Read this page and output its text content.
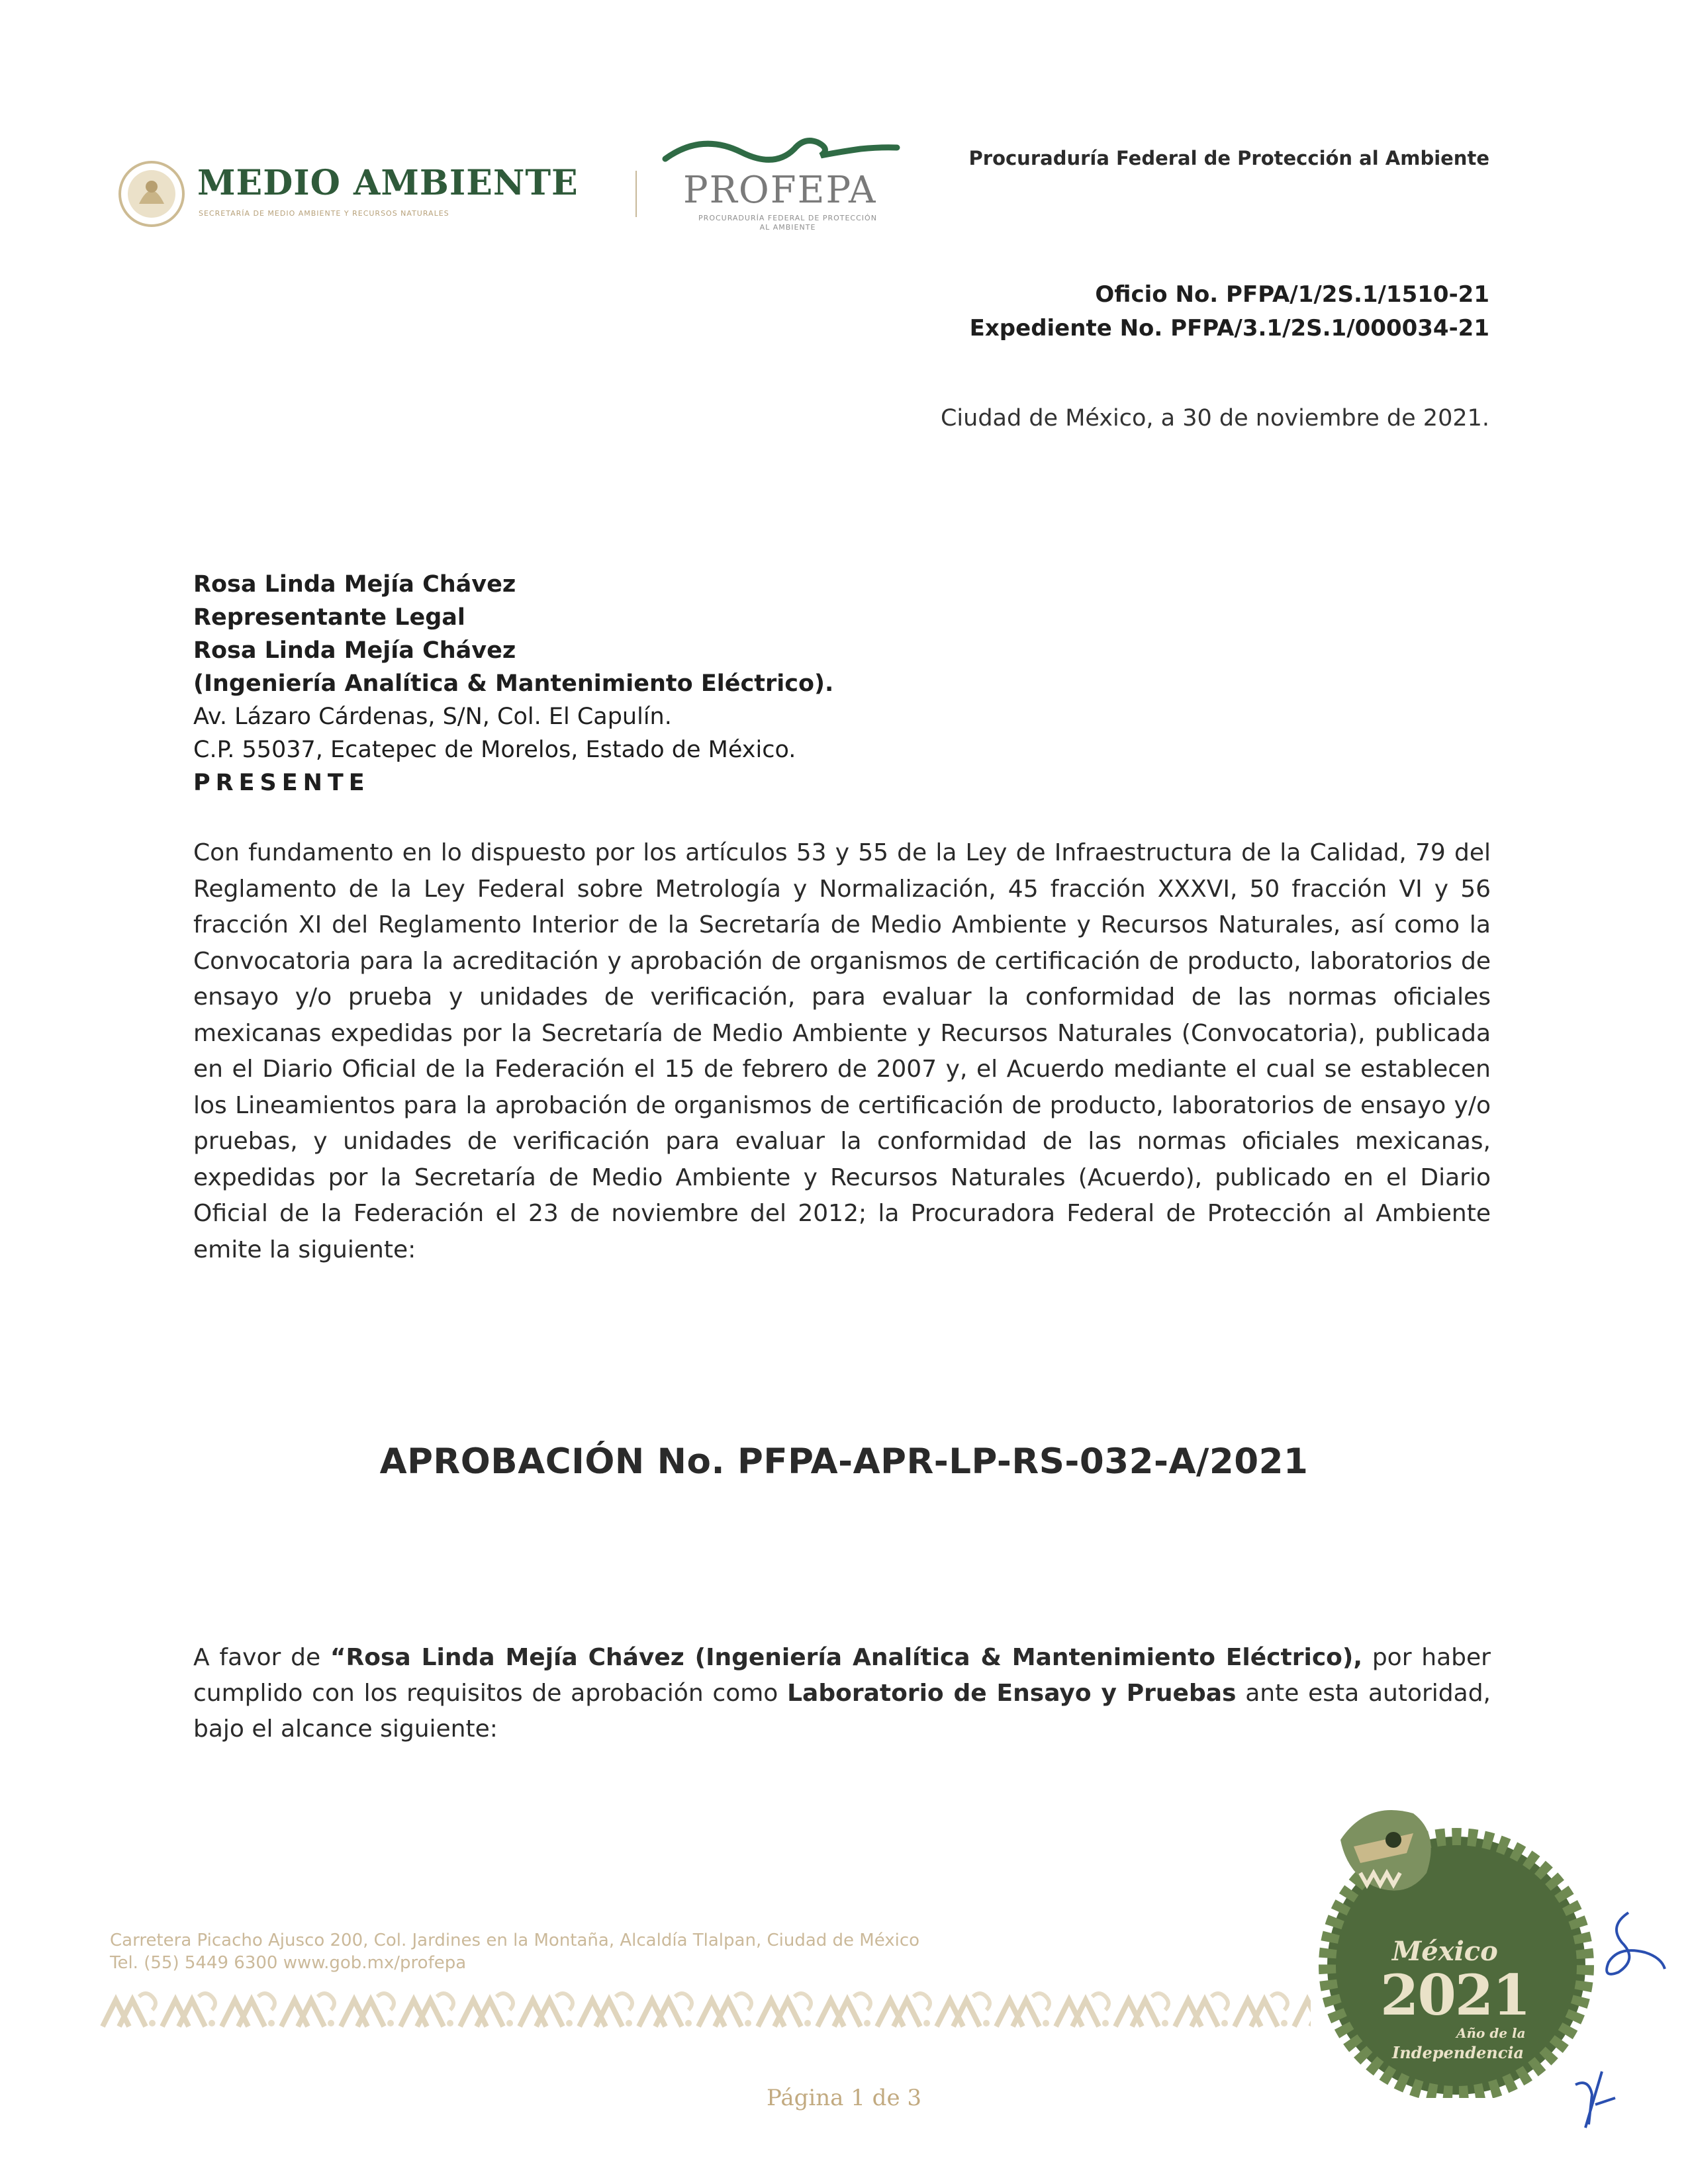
MEDIO AMBIENTE
SECRETARÍA DE MEDIO AMBIENTE Y RECURSOS NATURALES
PROFEPA
PROCURADURÍA FEDERAL DE PROTECCIÓN AL AMBIENTE
Procuraduría Federal de Protección al Ambiente
Oficio No. PFPA/1/2S.1/1510-21
Expediente No. PFPA/3.1/2S.1/000034-21
Ciudad de México, a 30 de noviembre de 2021.
Rosa Linda Mejía Chávez
Representante Legal
Rosa Linda Mejía Chávez
(Ingeniería Analítica & Mantenimiento Eléctrico).
Av. Lázaro Cárdenas, S/N, Col. El Capulín.
C.P. 55037, Ecatepec de Morelos, Estado de México.
PRESENTE
Con fundamento en lo dispuesto por los artículos 53 y 55 de la Ley de Infraestructura de la Calidad, 79 del Reglamento de la Ley Federal sobre Metrología y Normalización, 45 fracción XXXVI, 50 fracción VI y 56 fracción XI del Reglamento Interior de la Secretaría de Medio Ambiente y Recursos Naturales, así como la Convocatoria para la acreditación y aprobación de organismos de certificación de producto, laboratorios de ensayo y/o prueba y unidades de verificación, para evaluar la conformidad de las normas oficiales mexicanas expedidas por la Secretaría de Medio Ambiente y Recursos Naturales (Convocatoria), publicada en el Diario Oficial de la Federación el 15 de febrero de 2007 y, el Acuerdo mediante el cual se establecen los Lineamientos para la aprobación de organismos de certificación de producto, laboratorios de ensayo y/o pruebas, y unidades de verificación para evaluar la conformidad de las normas oficiales mexicanas, expedidas por la Secretaría de Medio Ambiente y Recursos Naturales (Acuerdo), publicado en el Diario Oficial de la Federación el 23 de noviembre del 2012; la Procuradora Federal de Protección al Ambiente emite la siguiente:
APROBACIÓN No. PFPA-APR-LP-RS-032-A/2021
A favor de “Rosa Linda Mejía Chávez (Ingeniería Analítica & Mantenimiento Eléctrico), por haber cumplido con los requisitos de aprobación como Laboratorio de Ensayo y Pruebas ante esta autoridad, bajo el alcance siguiente:
Carretera Picacho Ajusco 200, Col. Jardines en la Montaña, Alcaldía Tlalpan, Ciudad de México
Tel. (55) 5449 6300 www.gob.mx/profepa
Página 1 de 3
México
2021
Año de la
Independencia
